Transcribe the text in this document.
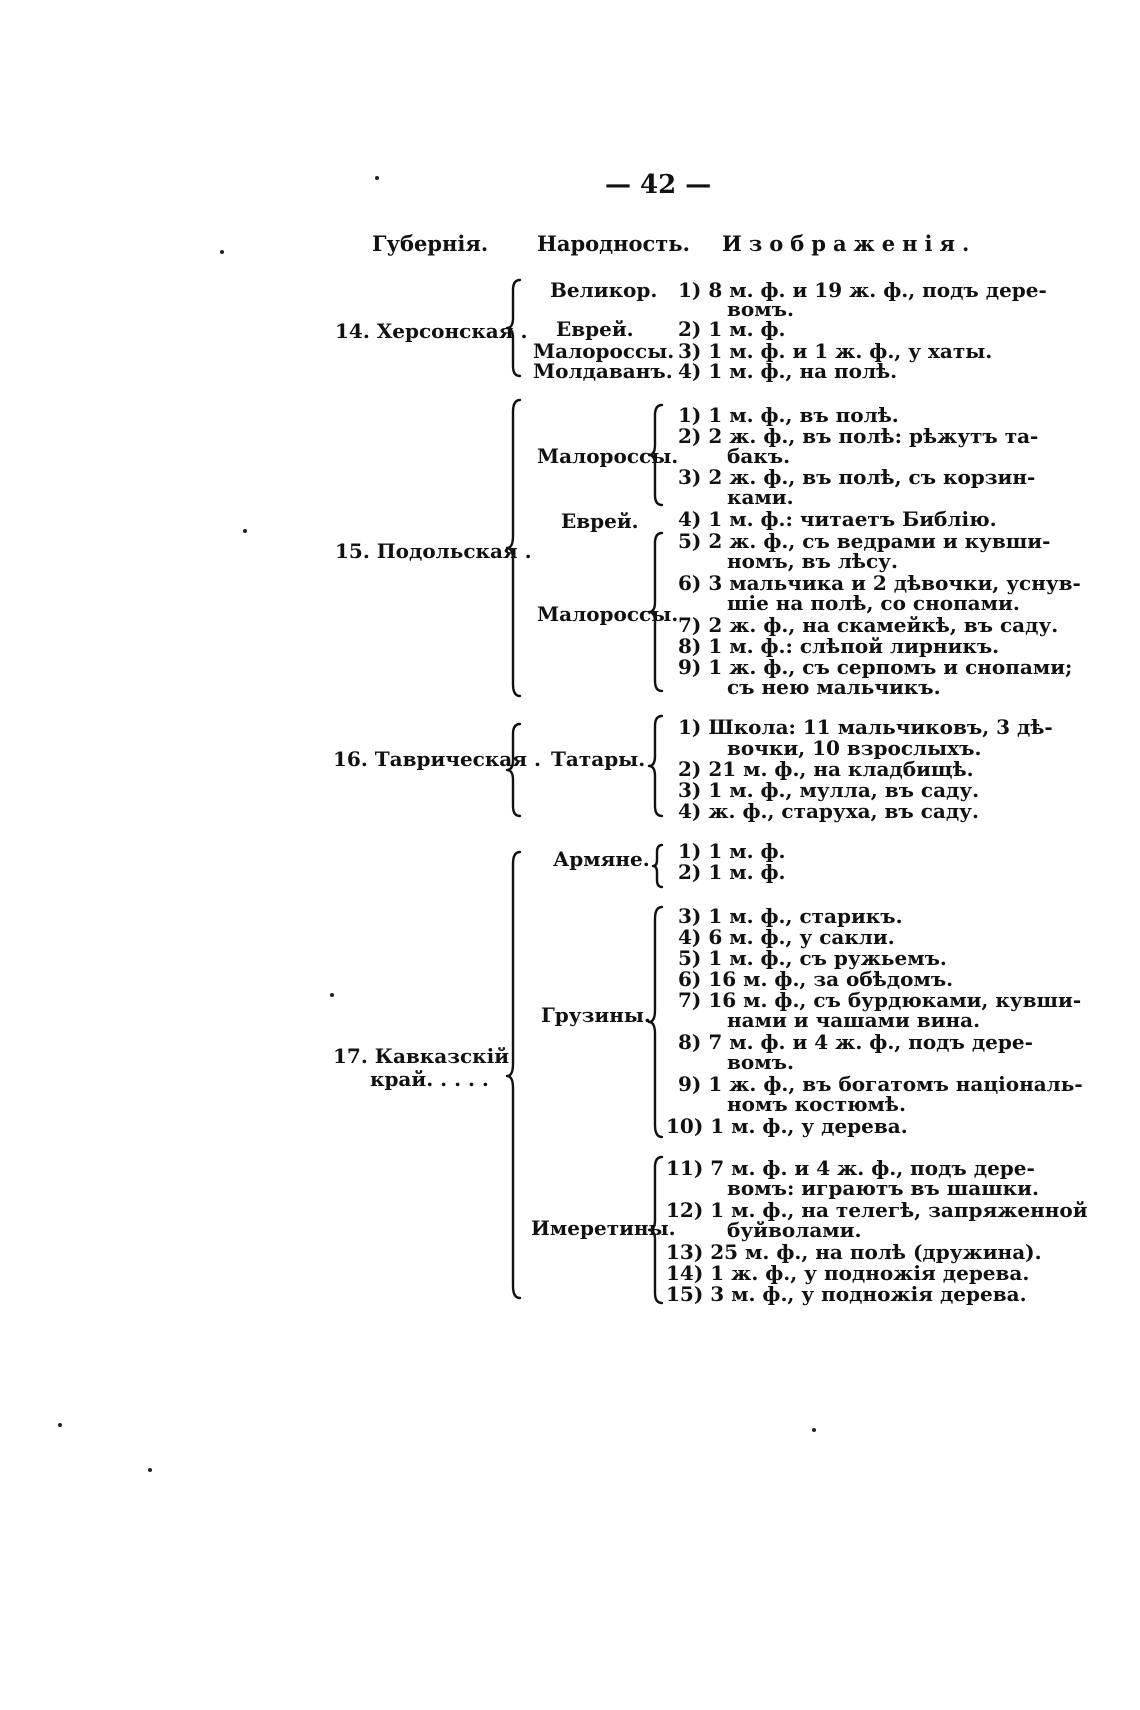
— 42 —
Губернія. Народность. Изображенія.
14. Херсонская .
Великор.
Еврей.
Малороссы.
Молдаванъ.
1) 8 м. ф. и 19 ж. ф., подъ дере-
вомъ.
2) 1 м. ф.
3) 1 м. ф. и 1 ж. ф., у хаты.
4) 1 м. ф., на полѣ.
15. Подольская .
Малороссы.
Еврей.
Малороссы.
1) 1 м. ф., въ полѣ.
2) 2 ж. ф., въ полѣ: рѣжутъ та-
бакъ.
3) 2 ж. ф., въ полѣ, съ корзин-
ками.
4) 1 м. ф.: читаетъ Библію.
5) 2 ж. ф., съ ведрами и кувши-
номъ, въ лѣсу.
6) 3 мальчика и 2 дѣвочки, уснув-
шіе на полѣ, со снопами.
7) 2 ж. ф., на скамейкѣ, въ саду.
8) 1 м. ф.: слѣпой лирникъ.
9) 1 ж. ф., съ серпомъ и снопами;
съ нею мальчикъ.
16. Таврическая . Татары.
1) Школа: 11 мальчиковъ, 3 дѣ-
вочки, 10 взрослыхъ.
2) 21 м. ф., на кладбищѣ.
3) 1 м. ф., мулла, въ саду.
4) ж. ф., старуха, въ саду.
17. Кавказскій
край. . . . .
Армяне.
Грузины.
Имеретины.
1) 1 м. ф.
2) 1 м. ф.
3) 1 м. ф., старикъ.
4) 6 м. ф., у сакли.
5) 1 м. ф., съ ружьемъ.
6) 16 м. ф., за обѣдомъ.
7) 16 м. ф., съ бурдюками, кувши-
нами и чашами вина.
8) 7 м. ф. и 4 ж. ф., подъ дере-
вомъ.
9) 1 ж. ф., въ богатомъ національ-
номъ костюмѣ.
10) 1 м. ф., у дерева.
11) 7 м. ф. и 4 ж. ф., подъ дере-
вомъ: играютъ въ шашки.
12) 1 м. ф., на телегѣ, запряженной
буйволами.
13) 25 м. ф., на полѣ (дружина).
14) 1 ж. ф., у подножія дерева.
15) 3 м. ф., у подножія дерева.
